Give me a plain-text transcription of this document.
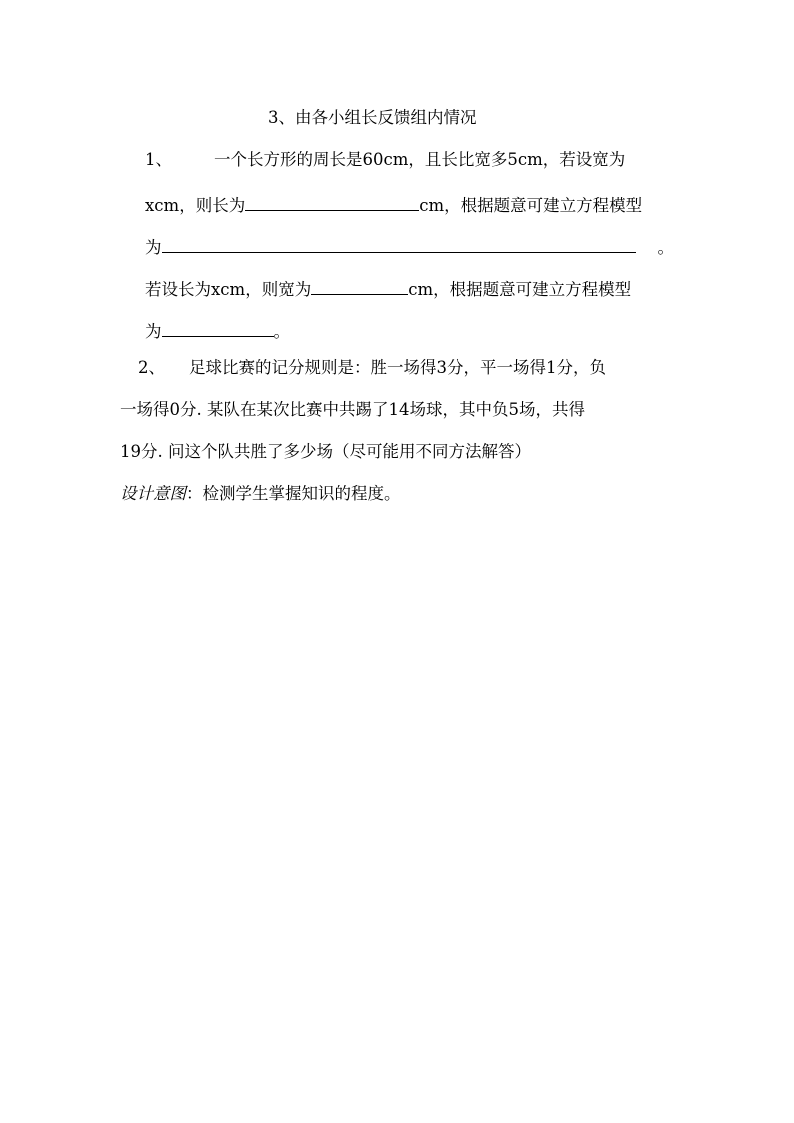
3、由各小组长反馈组内情况
1、	一个长方形的周长是60cm，且长比宽多5cm，若设宽为
xcm，则长为	cm，根据题意可建立方程模型
为	。
若设长为xcm，则宽为	cm，根据题意可建立方程模型
为	。
2、 足球比赛的记分规则是：胜一场得3分，平一场得1分，负
一场得0分. 某队在某次比赛中共踢了14场球，其中负5场，共得
19分. 问这个队共胜了多少场（尽可能用不同方法解答）
设计意图：检测学生掌握知识的程度。
